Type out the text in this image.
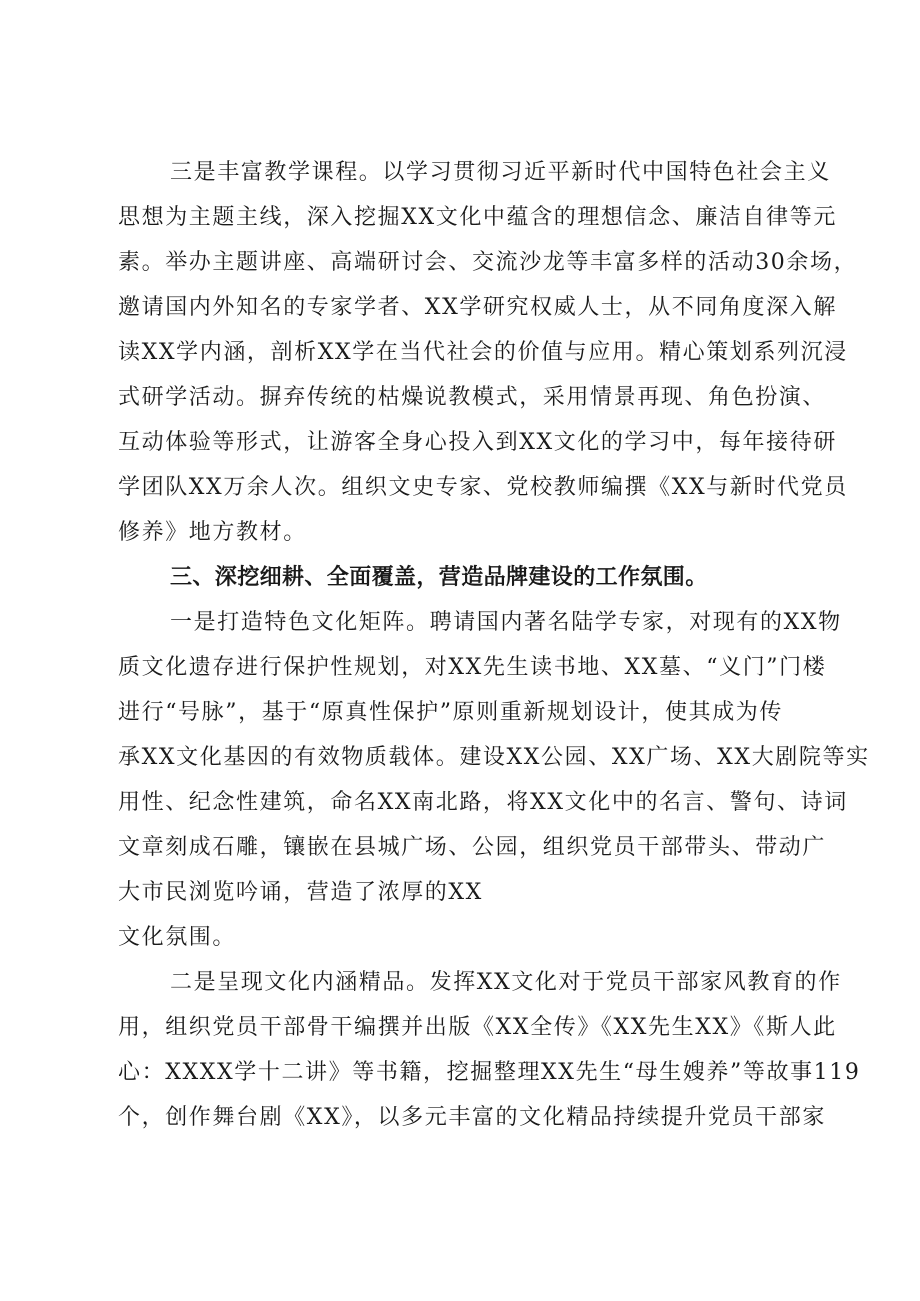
三是丰富教学课程。以学习贯彻习近平新时代中国特色社会主义
思想为主题主线，深入挖掘XX文化中蕴含的理想信念、廉洁自律等元
素。举办主题讲座、高端研讨会、交流沙龙等丰富多样的活动30余场，
邀请国内外知名的专家学者、XX学研究权威人士，从不同角度深入解
读XX学内涵，剖析XX学在当代社会的价值与应用。精心策划系列沉浸
式研学活动。摒弃传统的枯燥说教模式，采用情景再现、角色扮演、
互动体验等形式，让游客全身心投入到XX文化的学习中，每年接待研
学团队XX万余人次。组织文史专家、党校教师编撰《XX与新时代党员
修养》地方教材。
三、深挖细耕、全面覆盖，营造品牌建设的工作氛围。
一是打造特色文化矩阵。聘请国内著名陆学专家，对现有的XX物
质文化遗存进行保护性规划，对XX先生读书地、XX墓、“义门”门楼
进行“号脉”，基于“原真性保护”原则重新规划设计，使其成为传
承XX文化基因的有效物质载体。建设XX公园、XX广场、XX大剧院等实
用性、纪念性建筑，命名XX南北路，将XX文化中的名言、警句、诗词
文章刻成石雕，镶嵌在县城广场、公园，组织党员干部带头、带动广
大市民浏览吟诵，营造了浓厚的XX
文化氛围。
二是呈现文化内涵精品。发挥XX文化对于党员干部家风教育的作
用，组织党员干部骨干编撰并出版《XX全传》《XX先生XX》《斯人此
心：XXXX学十二讲》等书籍，挖掘整理XX先生“母生嫂养”等故事119
个，创作舞台剧《XX》，以多元丰富的文化精品持续提升党员干部家
